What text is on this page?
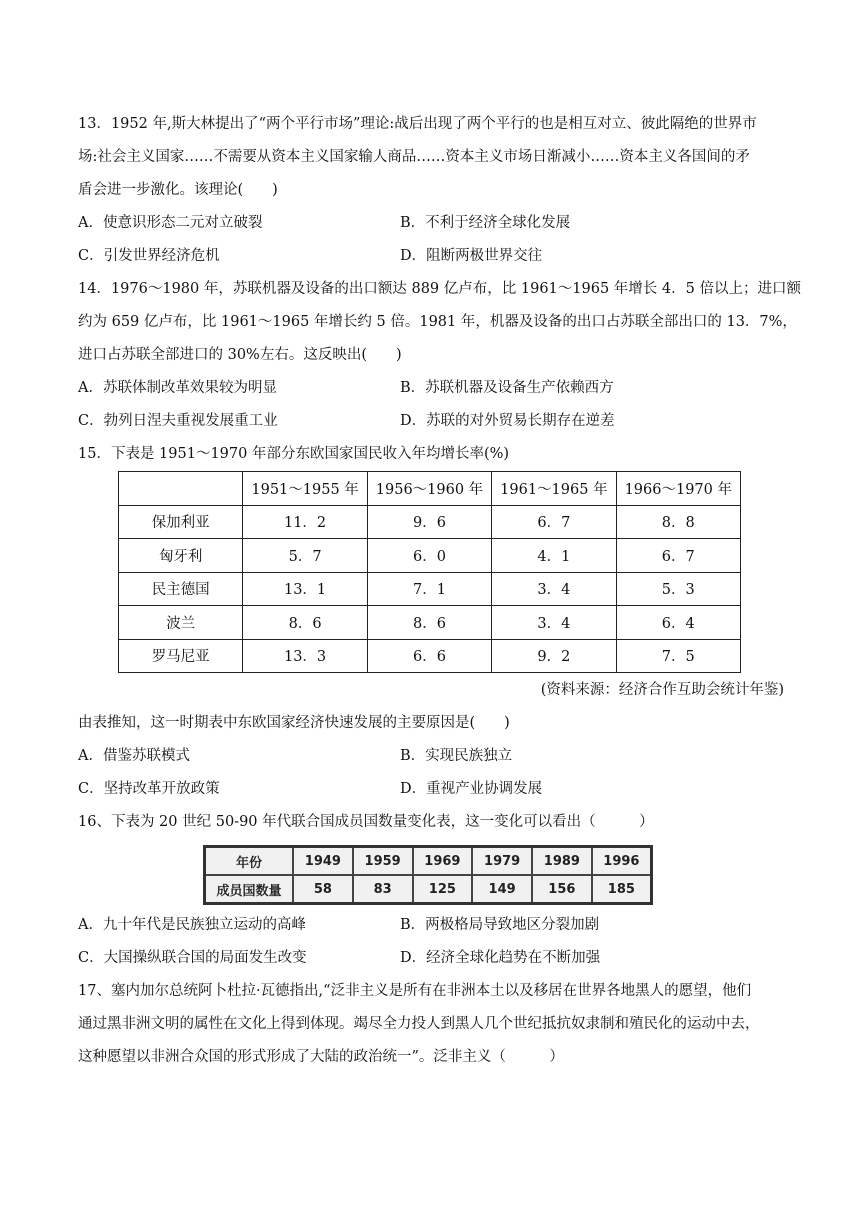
13．1952 年,斯大林提出了“两个平行市场”理论:战后出现了两个平行的也是相互对立、彼此隔绝的世界市
场:社会主义国家……不需要从资本主义国家输人商品……资本主义市场日渐减小……资本主义各国间的矛
盾会进一步激化。该理论(　　)
A．使意识形态二元对立破裂	B．不利于经济全球化发展
C．引发世界经济危机	D．阻断两极世界交往
14．1976～1980 年，苏联机器及设备的出口额达 889 亿卢布，比 1961～1965 年增长 4．5 倍以上；进口额
约为 659 亿卢布，比 1961～1965 年增长约 5 倍。1981 年，机器及设备的出口占苏联全部出口的 13．7%，
进口占苏联全部进口的 30%左右。这反映出(　　)
A．苏联体制改革效果较为明显	B．苏联机器及设备生产依赖西方
C．勃列日涅夫重视发展重工业	D．苏联的对外贸易长期存在逆差
15．下表是 1951～1970 年部分东欧国家国民收入年均增长率(%)
	1951～1955 年	1956～1960 年	1961～1965 年	1966～1970 年
保加利亚	11．2	9．6	6．7	8．8
匈牙利	5．7	6．0	4．1	6．7
民主德国	13．1	7．1	3．4	5．3
波兰	8．6	8．6	3．4	6．4
罗马尼亚	13．3	6．6	9．2	7．5
(资料来源：经济合作互助会统计年鉴)
由表推知，这一时期表中东欧国家经济快速发展的主要原因是(　　)
A．借鉴苏联模式	B．实现民族独立
C．坚持改革开放政策	D．重视产业协调发展
16、下表为 20 世纪 50-90 年代联合国成员国数量变化表，这一变化可以看出（　　　）
年份	1949	1959	1969	1979	1989	1996
成员国数量	58	83	125	149	156	185
A．九十年代是民族独立运动的高峰	B．两极格局导致地区分裂加剧
C．大国操纵联合国的局面发生改变	D．经济全球化趋势在不断加强
17、塞内加尔总统阿卜杜拉·瓦德指出,“泛非主义是所有在非洲本土以及移居在世界各地黑人的愿望，他们
通过黑非洲文明的属性在文化上得到体现。竭尽全力投人到黑人几个世纪抵抗奴隶制和殖民化的运动中去，
这种愿望以非洲合众国的形式形成了大陆的政治统一”。泛非主义（　　　）
